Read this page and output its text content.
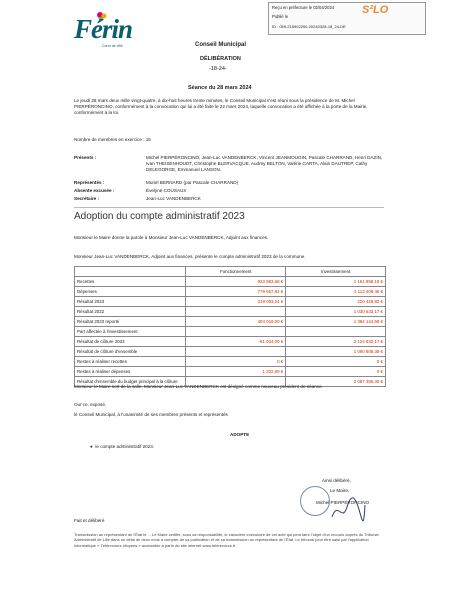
Férin
Cœur de ville
Reçu en préfecture le 02/04/2024
Publié le
ID : 059-215902290-20240328-18_24-DE
S²LO
Conseil Municipal
DÉLIBÉRATION
-18-24-
Séance du 28 mars 2024
Le jeudi 28 mars deux mille vingt-quatre, à dix-huit heures trente minutes, le Conseil Municipal s'est réuni sous la présidence de M. Michel PIERPÉRONCINO, conformément à la convocation qui lui a été faite le 22 mars 2024, laquelle convocation a été affichée à la porte de la Mairie, conformément à la loi.
Nombre de membres en exercice : 15
Présents :	Michel PIERPÉRONCINO, Jean-Luc VANDENBERCK, Vincent JEANMOUGIN, Pascale CHARRAND, Henri DAZIN, Ivan THEISENHOUDT, Christophe BLERVACQUE, Audrey BELTON, Valérie CARTA, Alain DAUTREP, Cathy DELEGORGE, Emmanuel LANSON.
Représentés :	Muriel BERNARD (par Pascale CHARRAND)
Absente excusée :	Évelyne COUSAUX
Secrétaire :	Jean-Luc VANDENBERCK
Adoption du compte administratif 2023
Monsieur le Maire donne la parole à Monsieur Jean-Luc VANDENBERCK, Adjoint aux finances.
Monsieur Jean-Luc VANDENBERCK, Adjoint aux finances, présente le compte administratif 2023 de la commune.
	Fonctionnement	Investissement
Recettes	923 983,68 €	1 161 858,15 €
Dépenses	779 657,82 €	1 113 409,46 €
Résultat 2023	219 093,24 €	220 428,83 €
Résultat 2022		1 030 533,17 €
Résultat 2023 reporté	404 019,00 €	1 384 144,58 €
Part affectée à l'investissement		
Résultat de clôture 2023	-61 024,00 €	2 124 632,17 €
Résultat de clôture d'ensemble		1 090 808,38 €
Restes à réaliser recettes	0 €	0 €
Restes à réaliser dépenses	1 202,89 €	0 €
Résultat d'ensemble du budget principal à la clôture		2 087 386,35 €
Monsieur le Maire sort de la salle, Monsieur Jean-Luc VANDENBERCK est désigné comme nouveau président de séance.
Ouï ce, exposé,
le Conseil Municipal, à l'unanimité de ses membres présents et représentés
ADOPTE
● le compte administratif 2023.
Ainsi délibéré,
Le Maire,
Michel PIERPÉRONCINO
Fait et délibéré
Transmission au représentant de l'État le ... Le Maire certifie, sous sa responsabilité, le caractère exécutoire de cet acte qui peut faire l'objet d'un recours auprès du Tribunal Administratif de Lille dans un délai de deux mois à compter de sa publication et de sa transmission au représentant de l'État. Le tribunal peut être saisi par l'application informatique « Télérecours citoyens » accessible à partir du site internet www.telerecours.fr
